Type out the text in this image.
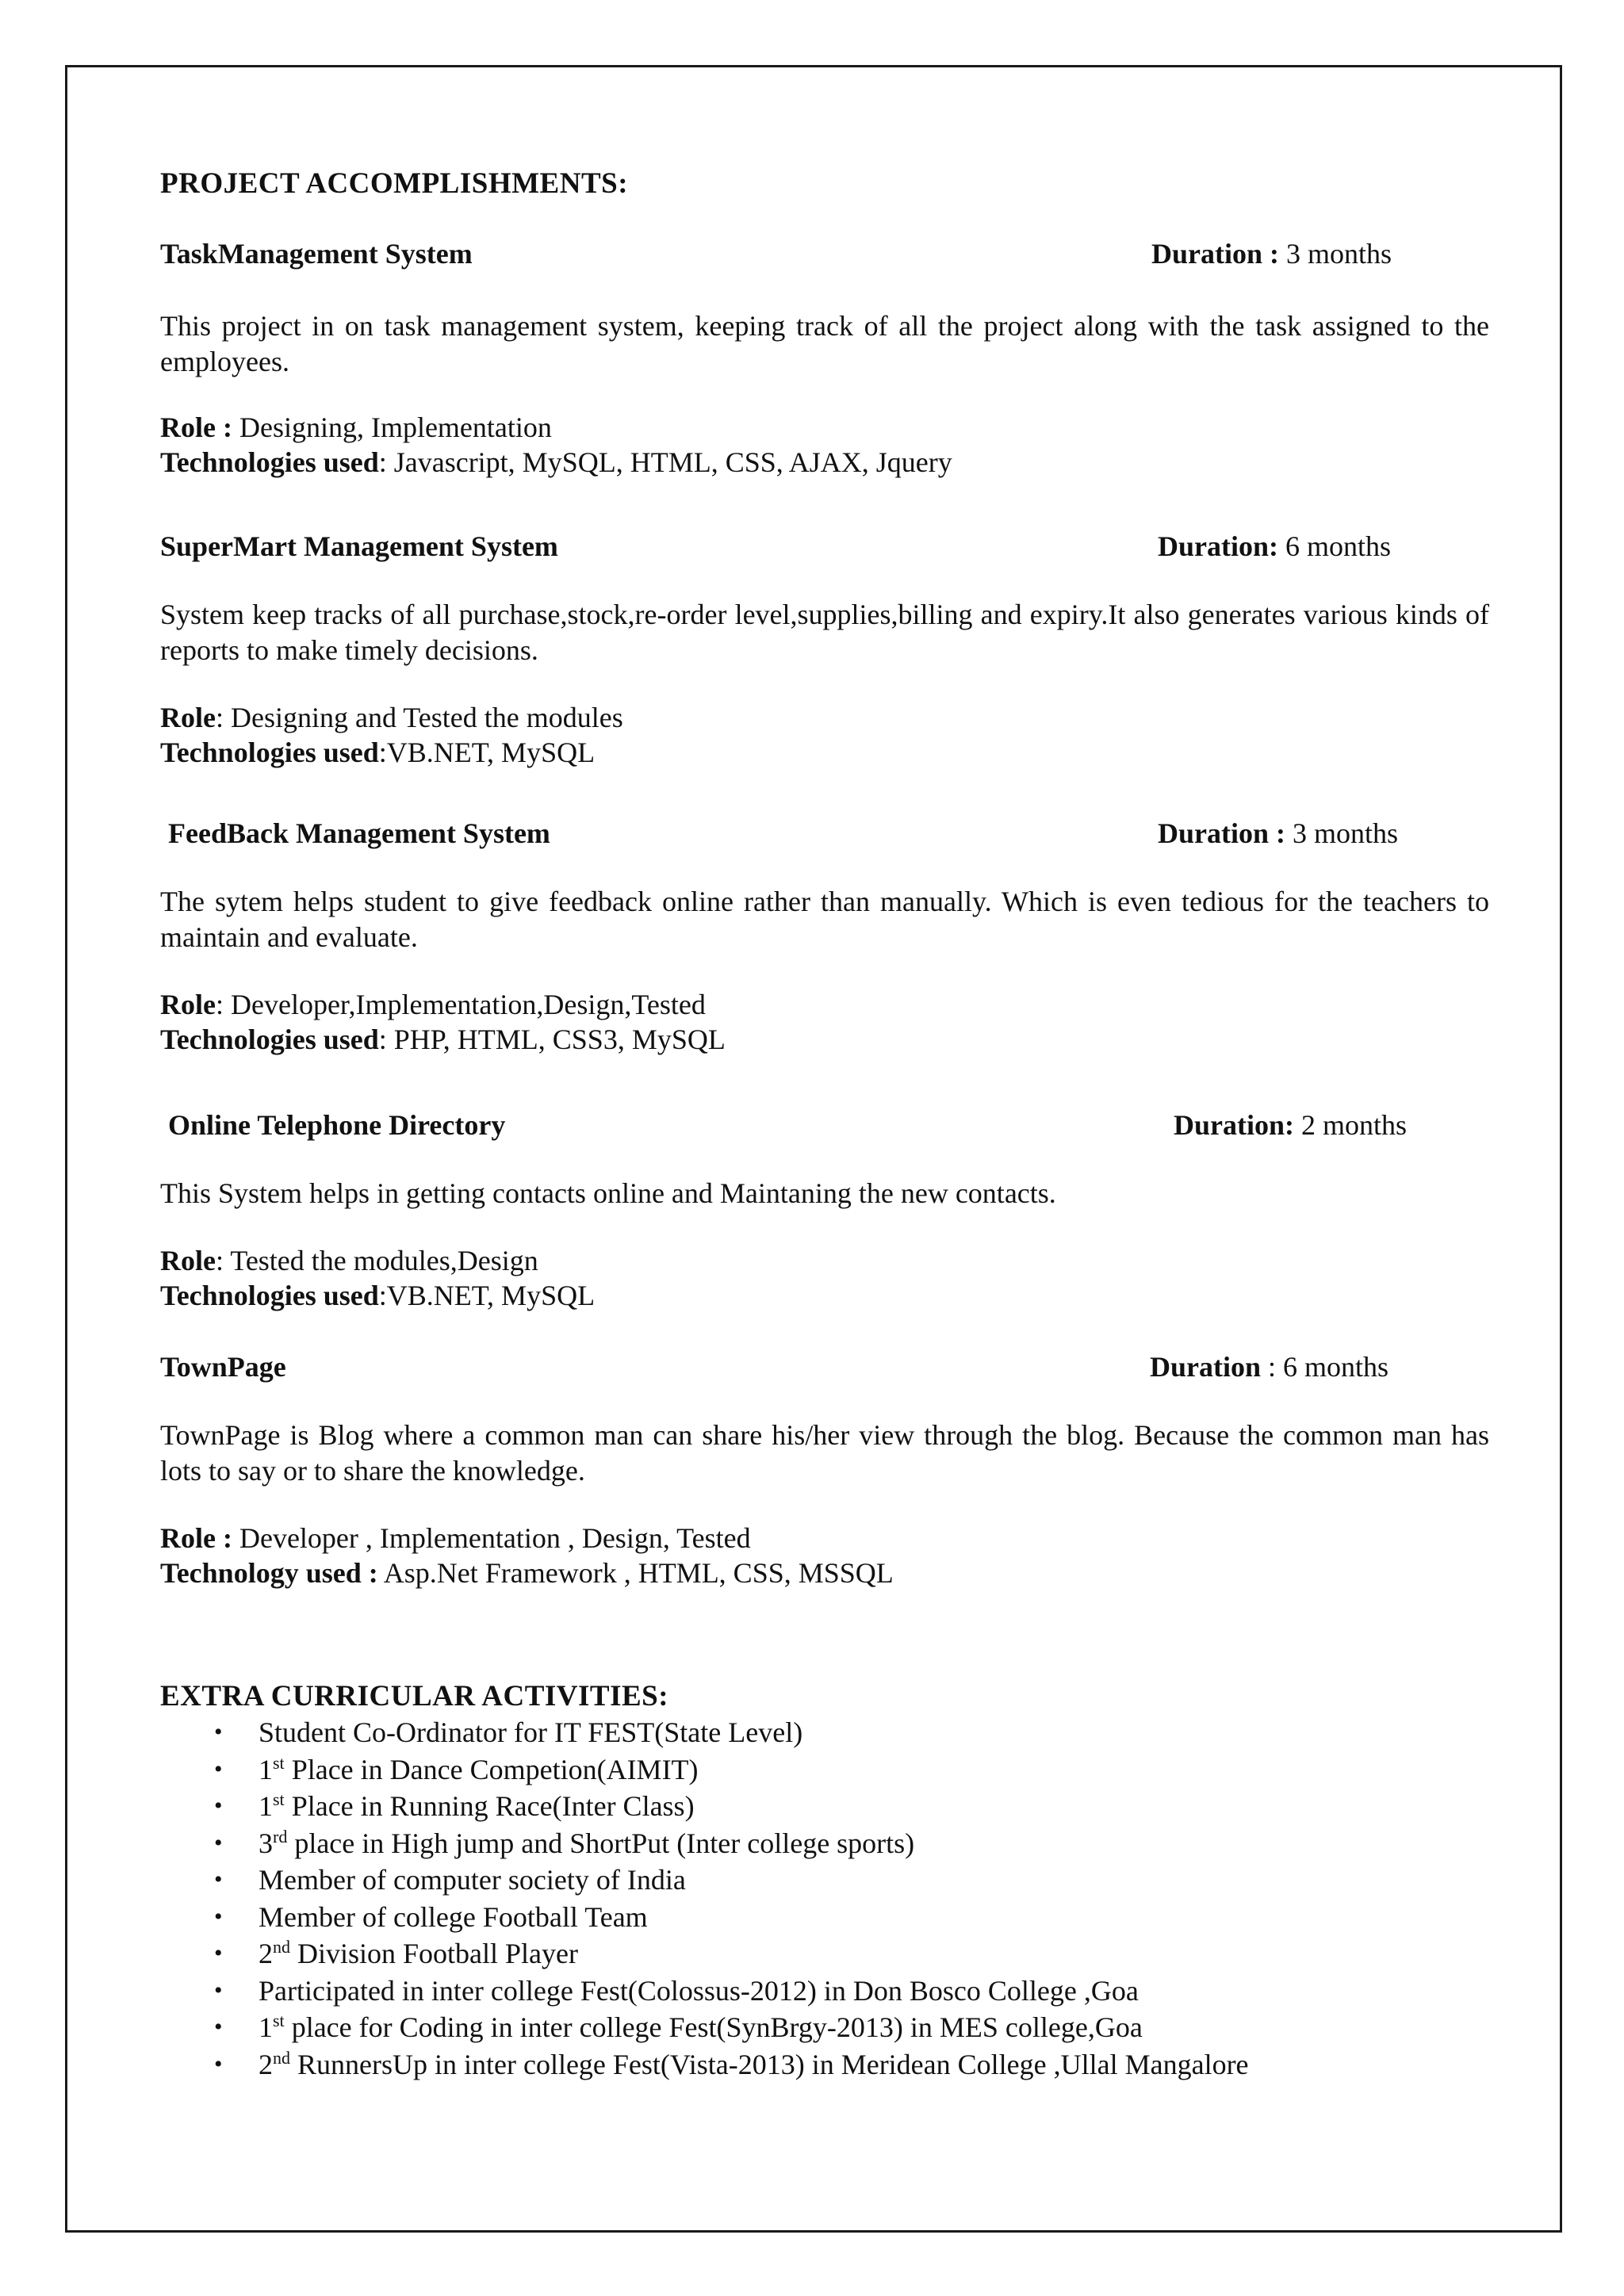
PROJECT ACCOMPLISHMENTS:
TaskManagement System	Duration : 3 months

This project in on task management system, keeping track of all the project along with the task assigned to the employees.

Role : Designing, Implementation

Technologies used: Javascript, MySQL, HTML, CSS, AJAX, Jquery

SuperMart Management System	Duration: 6 months

System keep tracks of all purchase,stock,re-order level,supplies,billing and expiry.It also generates various kinds of reports to make timely decisions.

Role: Designing and Tested the modules

Technologies used:VB.NET, MySQL

FeedBack Management System	Duration : 3 months

The sytem helps student to give feedback online rather than manually. Which is even tedious for the teachers to maintain and evaluate.

Role: Developer,Implementation,Design,Tested

Technologies used: PHP, HTML, CSS3, MySQL

Online Telephone Directory	Duration: 2 months

This System helps in getting contacts online and Maintaning the new contacts.

Role: Tested the modules,Design

Technologies used:VB.NET, MySQL

TownPage	Duration : 6 months

TownPage is Blog where a common man can share his/her view through the blog. Because the common man has lots to say or to share the knowledge.

Role : Developer , Implementation , Design, Tested

Technology used : Asp.Net Framework , HTML, CSS, MSSQL

EXTRA CURRICULAR ACTIVITIES:
• Student Co-Ordinator for IT FEST(State Level)
• 1st Place in Dance Competion(AIMIT)
• 1st Place in Running Race(Inter Class)
• 3rd place in High jump and ShortPut (Inter college sports)
• Member of computer society of India
• Member of college Football Team
• 2nd Division Football Player
• Participated in inter college Fest(Colossus-2012) in Don Bosco College ,Goa
• 1st place for Coding in inter college Fest(SynBrgy-2013) in MES college,Goa
• 2nd RunnersUp in inter college Fest(Vista-2013) in Meridean College ,Ullal Mangalore
